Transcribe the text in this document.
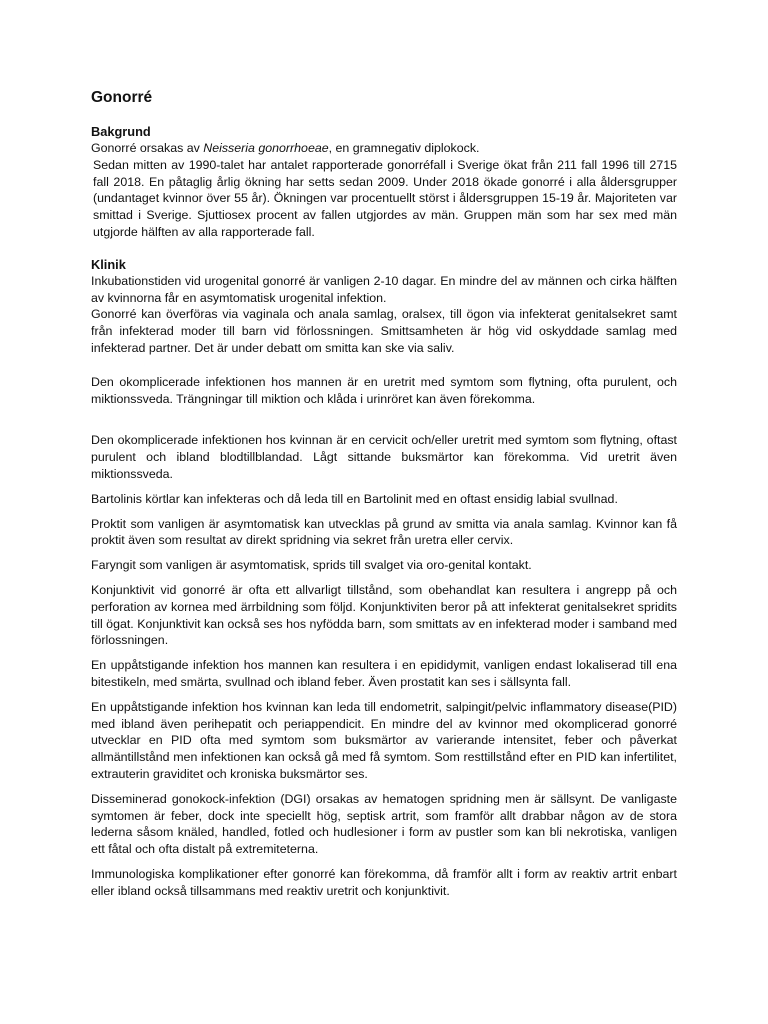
Gonorré
Bakgrund

Gonorré orsakas av Neisseria gonorrhoeae, en gramnegativ diplokock.

Sedan mitten av 1990-talet har antalet rapporterade gonorréfall i Sverige ökat från 211 fall 1996 till 2715 fall 2018. En påtaglig årlig ökning har setts sedan 2009. Under 2018 ökade gonorré i alla åldersgrupper (undantaget kvinnor över 55 år). Ökningen var procentuellt störst i åldersgruppen 15-19 år. Majoriteten var smittad i Sverige. Sjuttiosex procent av fallen utgjordes av män. Gruppen män som har sex med män utgjorde hälften av alla rapporterade fall.

Klinik

Inkubationstiden vid urogenital gonorré är vanligen 2-10 dagar. En mindre del av männen och cirka hälften av kvinnorna får en asymtomatisk urogenital infektion.

Gonorré kan överföras via vaginala och anala samlag, oralsex, till ögon via infekterat genitalsekret samt från infekterad moder till barn vid förlossningen. Smittsamheten är hög vid oskyddade samlag med infekterad partner. Det är under debatt om smitta kan ske via saliv.

Den okomplicerade infektionen hos mannen är en uretrit med symtom som flytning, ofta purulent, och miktionssveda. Trängningar till miktion och klåda i urinröret kan även förekomma.

Den okomplicerade infektionen hos kvinnan är en cervicit och/eller uretrit med symtom som flytning, oftast purulent och ibland blodtillblandad. Lågt sittande buksmärtor kan förekomma. Vid uretrit även miktionssveda.

Bartolinis körtlar kan infekteras och då leda till en Bartolinit med en oftast ensidig labial svullnad.

Proktit som vanligen är asymtomatisk kan utvecklas på grund av smitta via anala samlag. Kvinnor kan få proktit även som resultat av direkt spridning via sekret från uretra eller cervix.

Faryngit som vanligen är asymtomatisk, sprids till svalget via oro-genital kontakt.

Konjunktivit vid gonorré är ofta ett allvarligt tillstånd, som obehandlat kan resultera i angrepp på och perforation av kornea med ärrbildning som följd. Konjunktiviten beror på att infekterat genitalsekret spridits till ögat. Konjunktivit kan också ses hos nyfödda barn, som smittats av en infekterad moder i samband med förlossningen.

En uppåtstigande infektion hos mannen kan resultera i en epididymit, vanligen endast lokaliserad till ena bitestikeln, med smärta, svullnad och ibland feber. Även prostatit kan ses i sällsynta fall.

En uppåtstigande infektion hos kvinnan kan leda till endometrit, salpingit/pelvic inflammatory disease(PID) med ibland även perihepatit och periappendicit. En mindre del av kvinnor med okomplicerad gonorré utvecklar en PID ofta med symtom som buksmärtor av varierande intensitet, feber och påverkat allmäntillstånd men infektionen kan också gå med få symtom. Som resttillstånd efter en PID kan infertilitet, extrauterin graviditet och kroniska buksmärtor ses.

Disseminerad gonokock-infektion (DGI) orsakas av hematogen spridning men är sällsynt. De vanligaste symtomen är feber, dock inte speciellt hög, septisk artrit, som framför allt drabbar någon av de stora lederna såsom knäled, handled, fotled och hudlesioner i form av pustler som kan bli nekrotiska, vanligen ett fåtal och ofta distalt på extremiteterna.

Immunologiska komplikationer efter gonorré kan förekomma, då framför allt i form av reaktiv artrit enbart eller ibland också tillsammans med reaktiv uretrit och konjunktivit.
